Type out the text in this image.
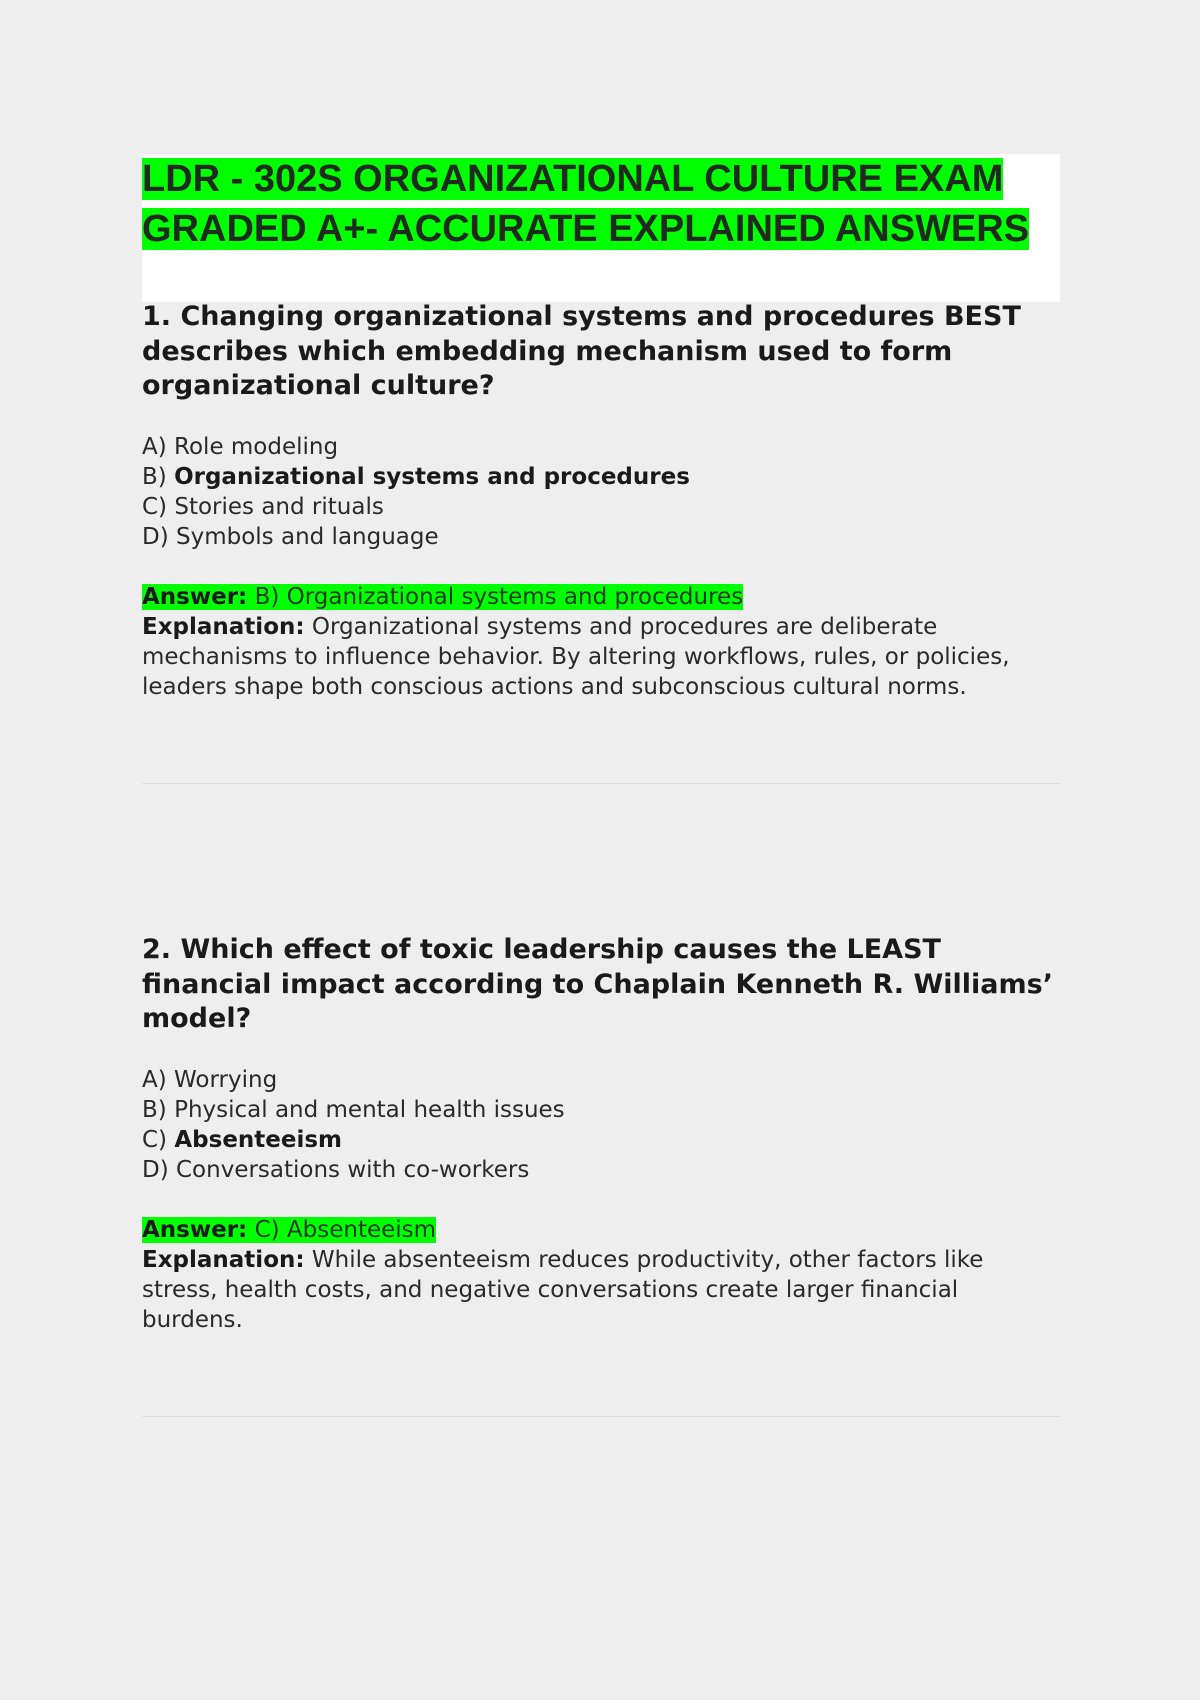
LDR - 302S ORGANIZATIONAL CULTURE EXAM
GRADED A+- ACCURATE EXPLAINED ANSWERS

1. Changing organizational systems and procedures BEST describes which embedding mechanism used to form organizational culture?

A) Role modeling
B) Organizational systems and procedures
C) Stories and rituals
D) Symbols and language
Answer: B) Organizational systems and procedures

Explanation: Organizational systems and procedures are deliberate mechanisms to influence behavior. By altering workflows, rules, or policies, leaders shape both conscious actions and subconscious cultural norms.

2. Which effect of toxic leadership causes the LEAST financial impact according to Chaplain Kenneth R. Williams’ model?

A) Worrying
B) Physical and mental health issues
C) Absenteeism
D) Conversations with co-workers
Answer: C) Absenteeism

Explanation: While absenteeism reduces productivity, other factors like stress, health costs, and negative conversations create larger financial burdens.
